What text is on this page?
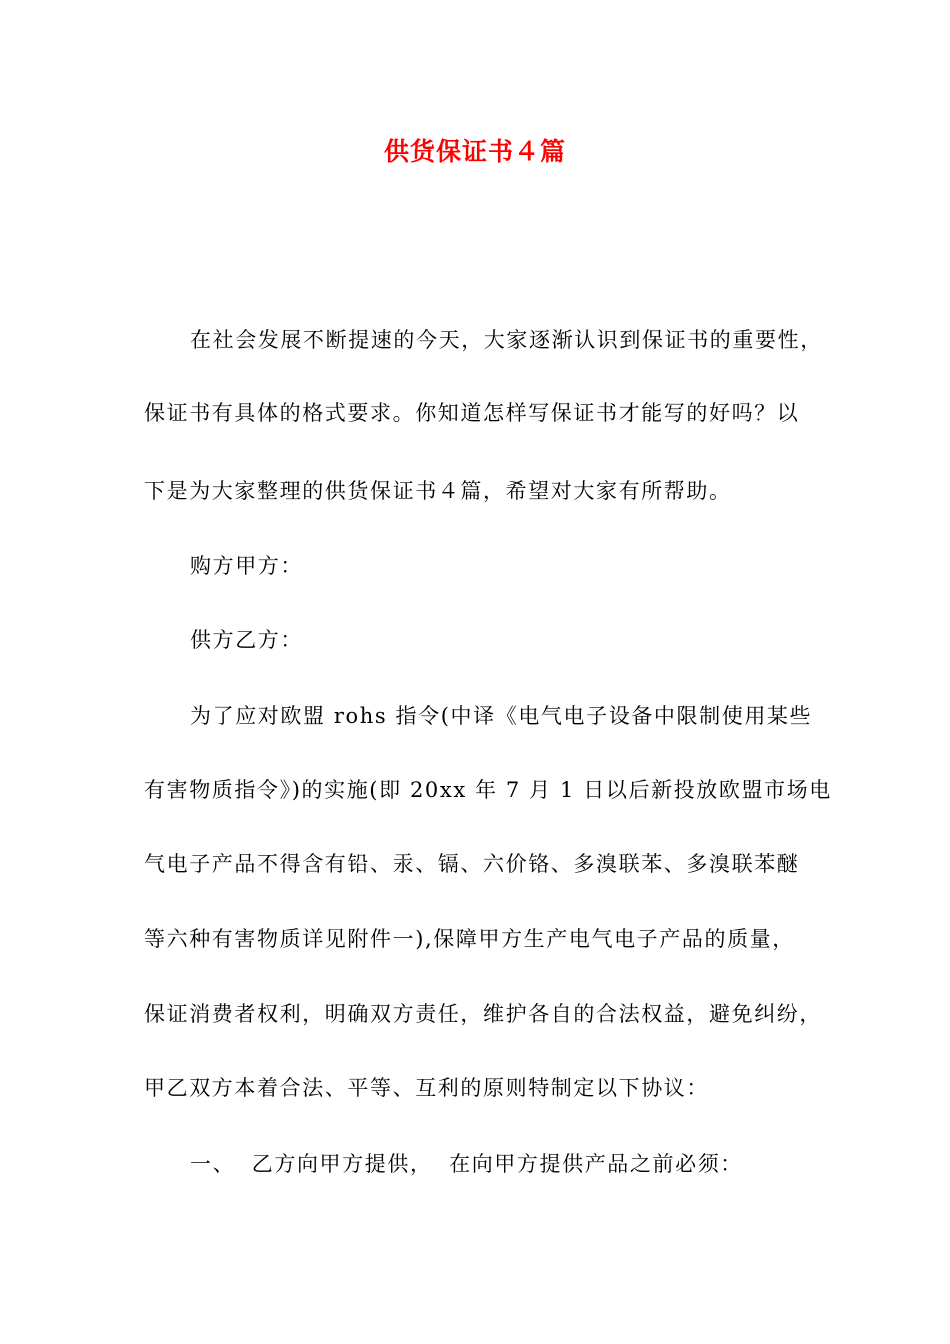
供货保证书４篇
在社会发展不断提速的今天，大家逐渐认识到保证书的重要性，
保证书有具体的格式要求。你知道怎样写保证书才能写的好吗？以
下是为大家整理的供货保证书４篇，希望对大家有所帮助。
购方甲方：
供方乙方：
为了应对欧盟 rohs 指令(中译《电气电子设备中限制使用某些
有害物质指令》)的实施(即 20xx 年 7 月 1 日以后新投放欧盟市场电
气电子产品不得含有铅、汞、镉、六价铬、多溴联苯、多溴联苯醚
等六种有害物质详见附件一),保障甲方生产电气电子产品的质量，
保证消费者权利，明确双方责任，维护各自的合法权益，避免纠纷，
甲乙双方本着合法、平等、互利的原则特制定以下协议：
一、  乙方向甲方提供，  在向甲方提供产品之前必须：
